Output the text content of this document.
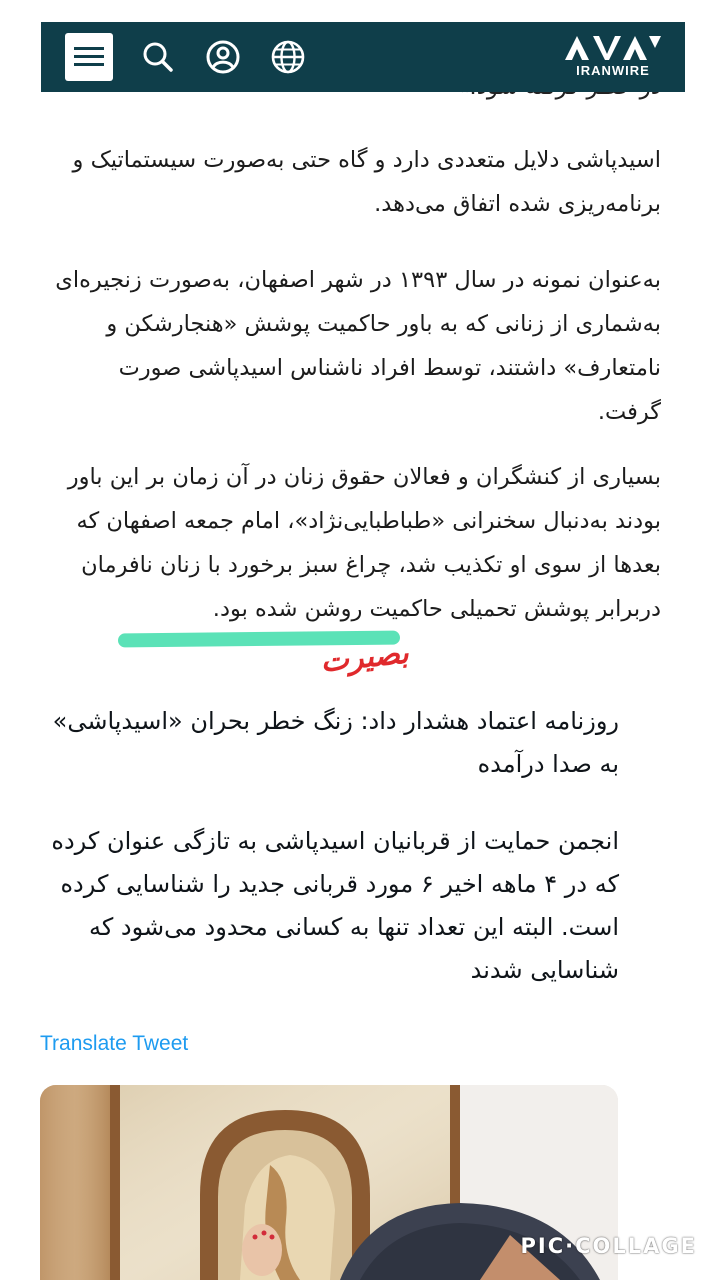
IRANWIRE

اسیدپاشی دلایل متعددی دارد و گاه حتی به‌صورت سیستماتیک و برنامه‌ریزی شده اتفاق می‌دهد.

به‌عنوان نمونه در سال ۱۳۹۳ در شهر اصفهان، به‌صورت زنجیره‌ای به‌شماری از زنانی که به باور حاکمیت پوشش «هنجارشکن و نامتعارف» داشتند، توسط افراد ناشناس اسیدپاشی صورت گرفت.

بسیاری از کنشگران و فعالان حقوق زنان در آن زمان بر این باور بودند به‌دنبال سخنرانی «طباطبایی‌نژاد»، امام جمعه اصفهان که بعدها از سوی او تکذیب شد، چراغ سبز برخورد با زنان نافرمان دربرابر پوشش تحمیلی حاکمیت روشن شده بود.

بصیرت

روزنامه اعتماد هشدار داد: زنگ خطر بحران «اسیدپاشی» به صدا درآمده

انجمن حمایت از قربانیان اسیدپاشی به تازگی عنوان کرده که در ۴ ماهه اخیر ۶ مورد قربانی جدید را شناسایی کرده است. البته این تعداد تنها به کسانی محدود می‌شود که شناسایی شدند

Translate Tweet
PIC·COLLAGE
